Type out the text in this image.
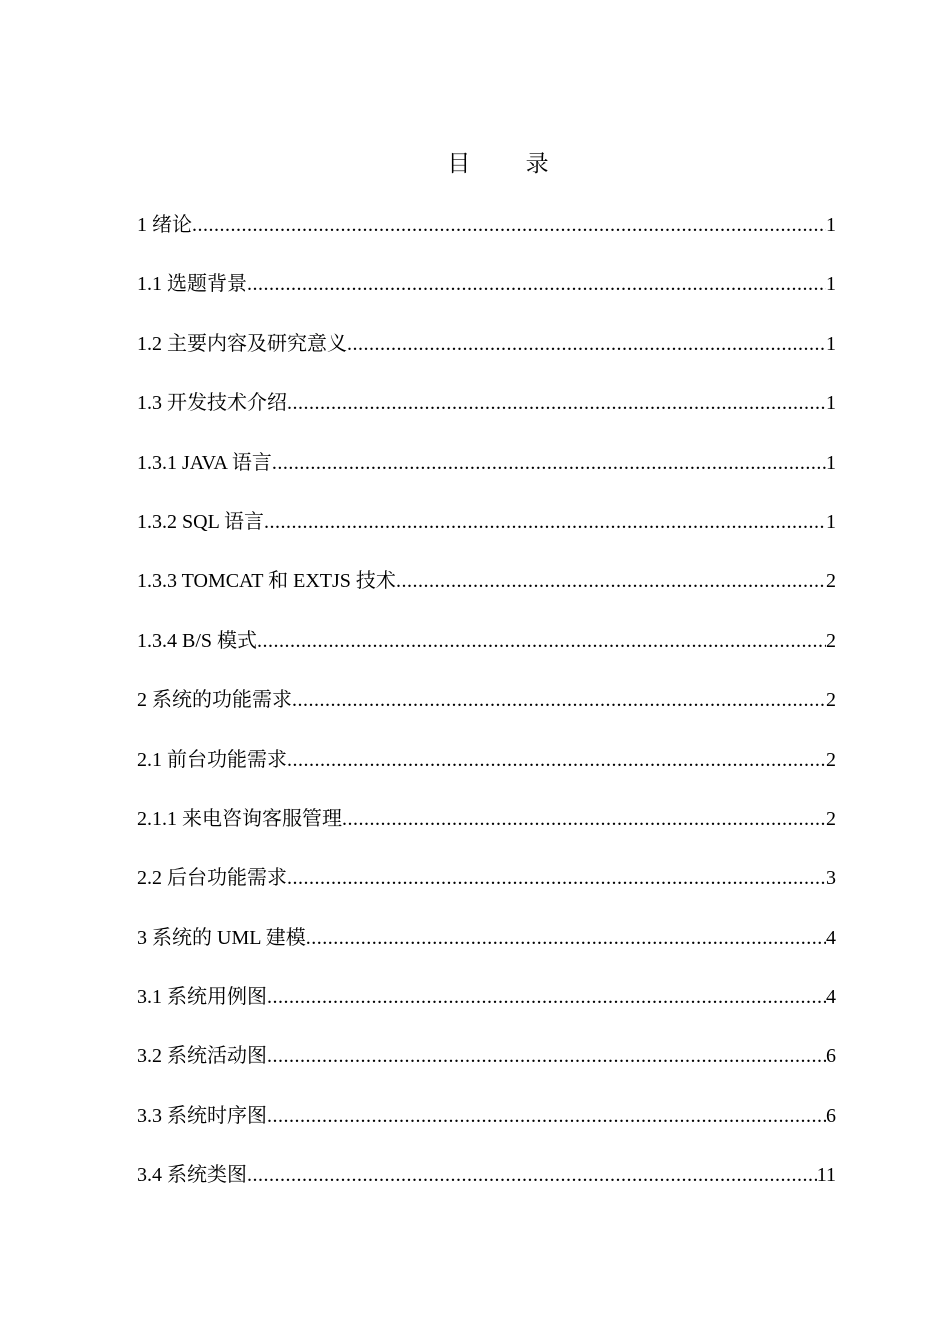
目 录
1 绪论 .....	1
1.1 选题背景 .....	1
1.2 主要内容及研究意义 .....	1
1.3 开发技术介绍 .....	1
1.3.1 JAVA 语言 .....	1
1.3.2 SQL 语言 .....	1
1.3.3 TOMCAT 和 EXTJS 技术 .....	2
1.3.4 B/S 模式 .....	2
2 系统的功能需求 .....	2
2.1 前台功能需求 .....	2
2.1.1 来电咨询客服管理 .....	2
2.2 后台功能需求 .....	3
3 系统的 UML 建模 .....	4
3.1 系统用例图 .....	4
3.2 系统活动图 .....	6
3.3 系统时序图 .....	6
3.4 系统类图 .....	11
